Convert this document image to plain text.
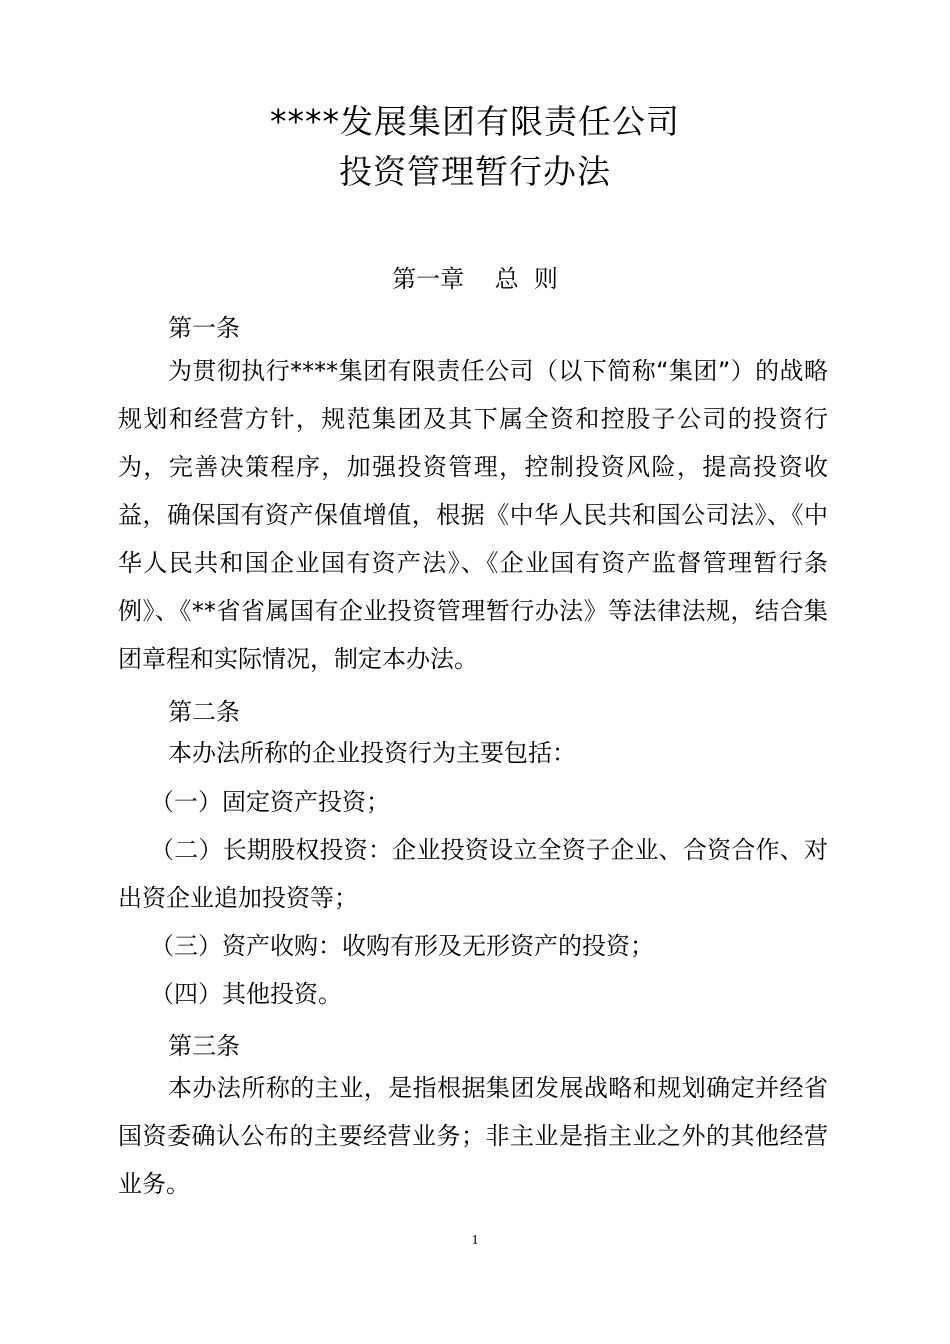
****发展集团有限责任公司
投资管理暂行办法
第一章    总  则
第一条
为贯彻执行****集团有限责任公司（以下简称“集团”）的战略规划和经营方针，规范集团及其下属全资和控股子公司的投资行为，完善决策程序，加强投资管理，控制投资风险，提高投资收益，确保国有资产保值增值，根据《中华人民共和国公司法》、《中华人民共和国企业国有资产法》、《企业国有资产监督管理暂行条例》、《**省省属国有企业投资管理暂行办法》等法律法规，结合集团章程和实际情况，制定本办法。
第二条
本办法所称的企业投资行为主要包括：
（一）固定资产投资；
（二）长期股权投资：企业投资设立全资子企业、合资合作、对出资企业追加投资等；
（三）资产收购：收购有形及无形资产的投资；
（四）其他投资。
第三条
本办法所称的主业，是指根据集团发展战略和规划确定并经省国资委确认公布的主要经营业务；非主业是指主业之外的其他经营业务。
1
